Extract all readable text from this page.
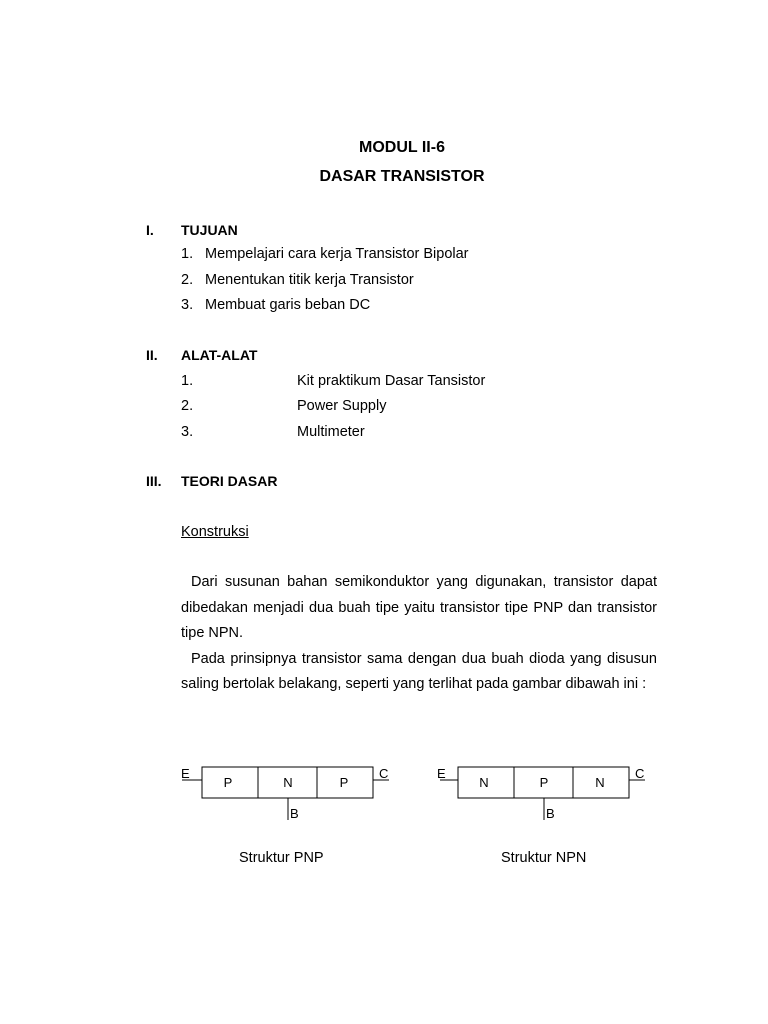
MODUL II-6
DASAR TRANSISTOR
I. TUJUAN
1. Mempelajari cara kerja Transistor Bipolar
2. Menentukan titik kerja Transistor
3. Membuat garis beban DC
II. ALAT-ALAT
1.	Kit praktikum Dasar Tansistor
2.	Power Supply
3.	Multimeter
III. TEORI DASAR
Konstruksi

Dari susunan bahan semikonduktor yang digunakan, transistor dapat dibedakan menjadi dua buah tipe yaitu transistor tipe PNP dan transistor tipe NPN.

Pada prinsipnya transistor sama dengan dua buah dioda yang disusun saling bertolak belakang, seperti yang terlihat pada gambar dibawah ini :

E	C
B
P	N	P
E	C
B
N	P	N
Struktur PNP	Struktur NPN
